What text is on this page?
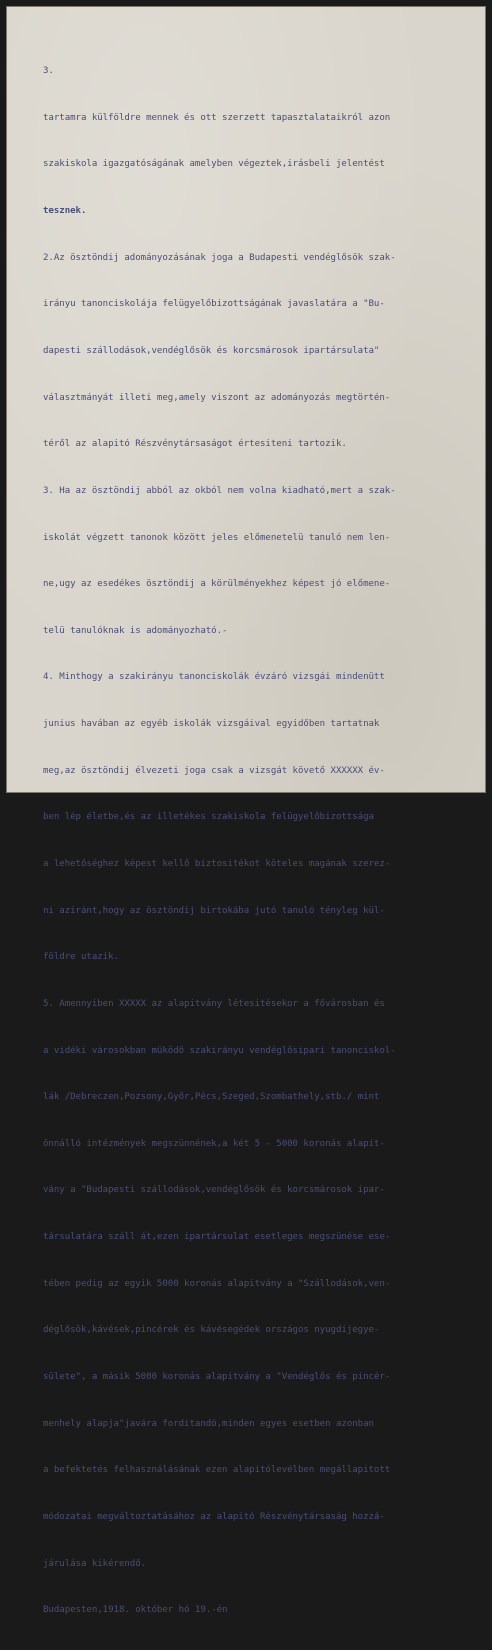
3.

tartamra külföldre mennek és ott szerzett tapasztalataikról azon

szakiskola igazgatóságának amelyben végeztek,irásbeli jelentést

tesznek.

2.Az ösztöndij adományozásának joga a Budapesti vendéglősök szak-

irányu tanonciskolája felügyelőbizottságának javaslatára a "Bu-

dapesti szállodások,vendéglősök és korcsmárosok ipartársulata"

választmányát illeti meg,amely viszont az adományozás megtörtén-

téről az alapitó Részvénytársaságot értesiteni tartozik.

3. Ha az ösztöndij abból az okból nem volna kiadható,mert a szak-

iskolát végzett tanonok között jeles előmenetelü tanuló nem len-

ne,ugy az esedékes ösztöndij a körülményekhez képest jó előmene-

telü tanulóknak is adományozható.-

4. Minthogy a szakirányu tanonciskolák évzáró vizsgái mindenütt

junius havában az egyéb iskolák vizsgáival egyidőben tartatnak

meg,az ösztöndij élvezeti joga csak a vizsgát követő XXXXXX év-

ben lép életbe,és az illetékes szakiskola felügyelőbizottsága

a lehetőséghez képest kellő biztositékot köteles magának szerez-

ni aziránt,hogy az ösztöndij birtokába jutó tanuló tényleg kül-

földre utazik.

5. Amennyiben XXXXX az alapitvány létesitésekor a fővárosban és

a vidéki városokban müködő szakirányu vendéglősipari tanonciskol-

lák /Debreczen,Pozsony,Győr,Pécs,Szeged,Szombathely,stb./ mint

önnálló intézmények megszünnének,a két 5 - 5000 koronás alapit-

vány a "Budapesti szállodások,vendéglősök és korcsmárosok ipar-

társulatára száll át,ezen ipartársulat esetleges megszünése ese-

tében pedig az egyik 5000 koronás alapitvány a "Szállodások,ven-

déglősök,kávések,pincérek és kávésegédek országos nyugdijegye-

sülete", a másik 5000 koronás alapitvány a "Vendéglős és pincér-

menhely alapja"javára forditandó,minden egyes esetben azonban

a befektetés felhasználásának ezen alapitólevélben megállapitott

módozatai megváltoztatásához az alapitó Részvénytársaság hozzá-

járulása kikérendő.

Budapesten,1918. október hó 19.-én
